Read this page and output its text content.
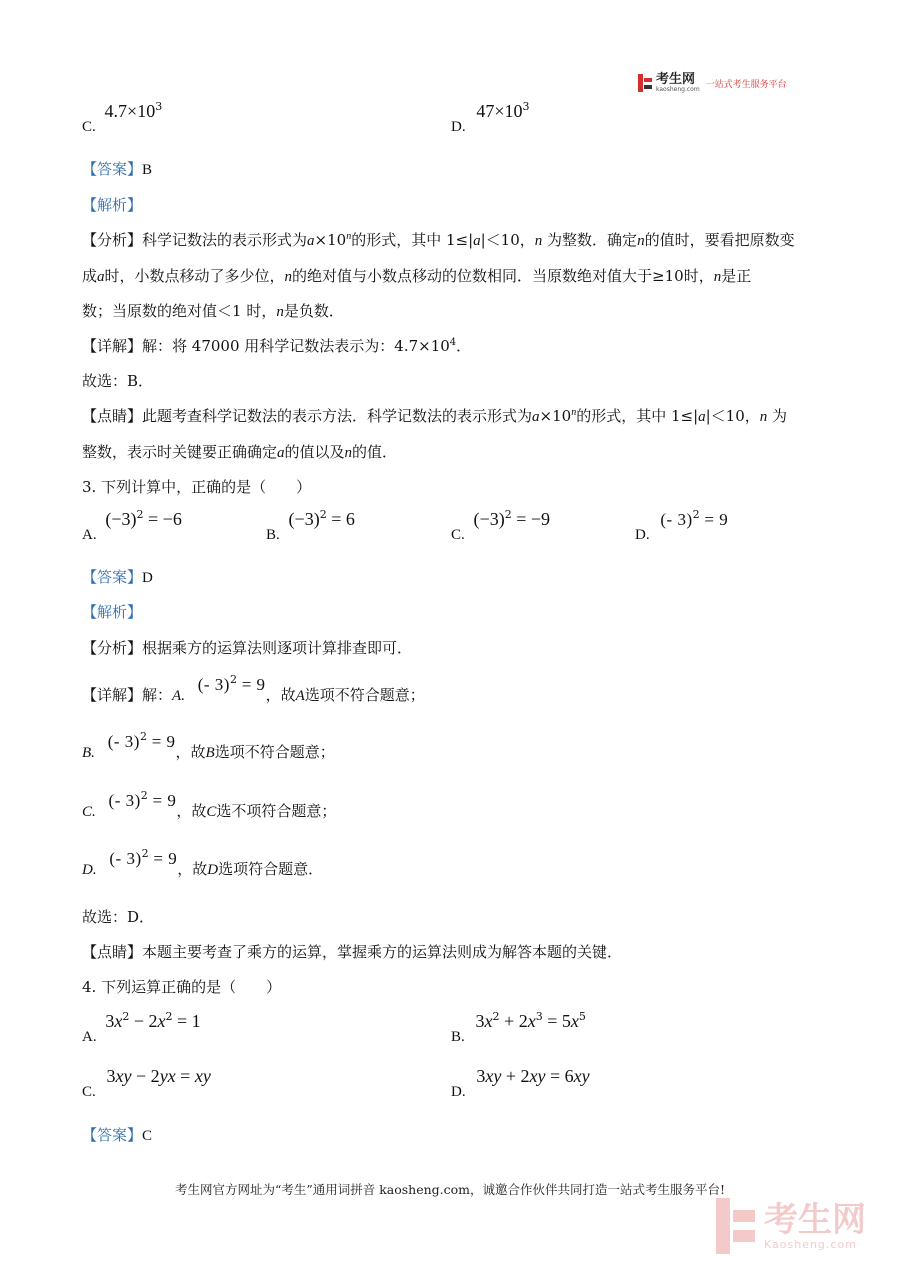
考生网
kaosheng.com 一站式考生服务平台
C. $4.7\times 10^3$
D. $47\times 10^3$
【答案】B
【解析】
【分析】科学记数法的表示形式为$a\times 10^n$的形式，其中 1≤|a|＜10，n 为整数．确定n的值时，要看把原数变
成a时，小数点移动了多少位，n的绝对值与小数点移动的位数相同．当原数绝对值大于≥10时，n是正
数；当原数的绝对值＜1 时，n是负数．
【详解】解：将 47000 用科学记数法表示为：$4.7\times 10^4$．
故选：B．
【点睛】此题考查科学记数法的表示方法．科学记数法的表示形式为$a\times 10^n$的形式，其中 1≤|a|＜10，n 为
整数，表示时关键要正确确定a的值以及n的值．
3. 下列计算中，正确的是（　　）
A. $(-3)^2 = -6$
B. $(-3)^2 = 6$
C. $(-3)^2 = -9$
D. (- 3)$^2$ = 9
【答案】D
【解析】
【分析】根据乘方的运算法则逐项计算排查即可．
【详解】解：A. (- 3)$^2$ = 9，故A选项不符合题意；
B. (- 3)$^2$ = 9，故B选项不符合题意；
C. (- 3)$^2$ = 9，故C选不项符合题意；
D. (- 3)$^2$ = 9，故D选项符合题意．
故选：D．
【点睛】本题主要考查了乘方的运算，掌握乘方的运算法则成为解答本题的关键．
4. 下列运算正确的是（　　）
A. $3x^2 - 2x^2 = 1$
B. $3x^2 + 2x^3 = 5x^5$
C. 3xy − 2yx = xy
D. 3xy + 2xy = 6xy
【答案】C
考生网官方网址为“考生”通用词拼音 kaosheng.com，诚邀合作伙伴共同打造一站式考生服务平台!
考生网
Kaosheng.com
